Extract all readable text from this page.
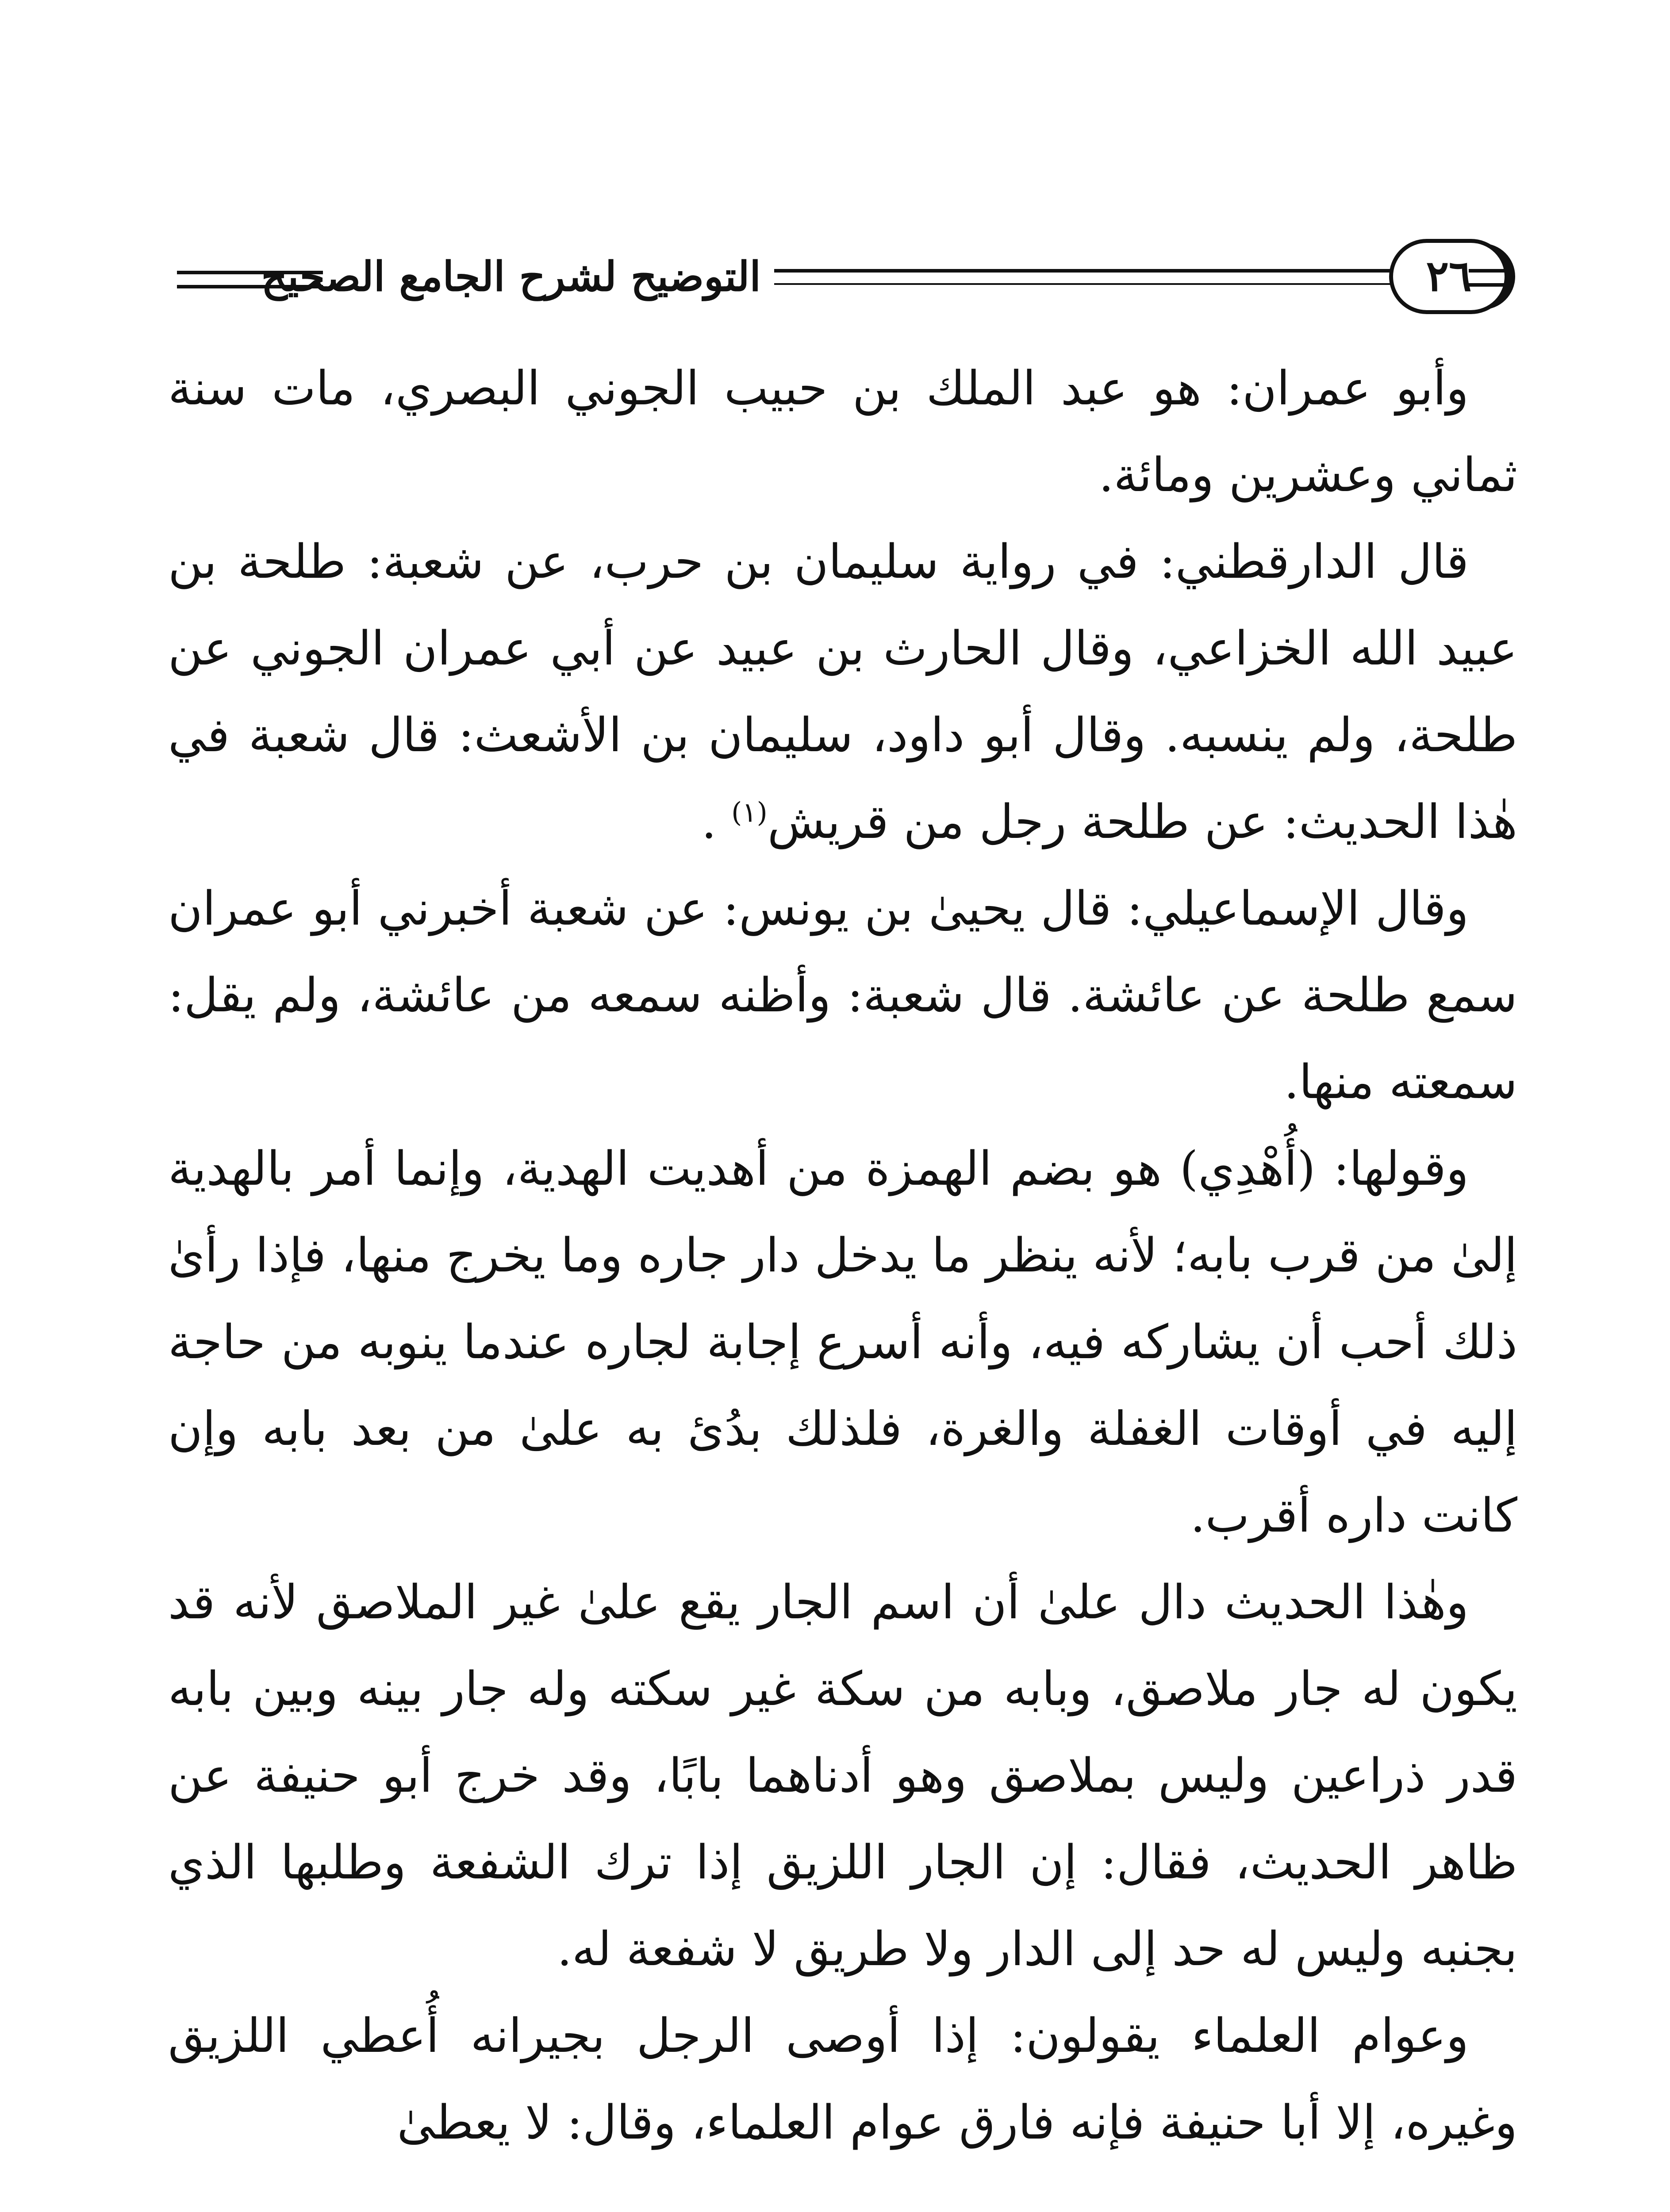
التوضيح لشرح الجامع الصحيح	٢٦

وأبو عمران: هو عبد الملك بن حبيب الجوني البصري، مات سنة ثماني وعشرين ومائة.

قال الدارقطني: في رواية سليمان بن حرب، عن شعبة: طلحة بن عبيد الله الخزاعي، وقال الحارث بن عبيد عن أبي عمران الجوني عن طلحة، ولم ينسبه. وقال أبو داود، سليمان بن الأشعث: قال شعبة في هٰذا الحديث: عن طلحة رجل من قريش$^{(١)}$ .

وقال الإسماعيلي: قال يحيىٰ بن يونس: عن شعبة أخبرني أبو عمران سمع طلحة عن عائشة. قال شعبة: وأظنه سمعه من عائشة، ولم يقل: سمعته منها.

وقولها: (أُهْدِي) هو بضم الهمزة من أهديت الهدية، وإنما أمر بالهدية إلىٰ من قرب بابه؛ لأنه ينظر ما يدخل دار جاره وما يخرج منها، فإذا رأىٰ ذلك أحب أن يشاركه فيه، وأنه أسرع إجابة لجاره عندما ينوبه من حاجة إليه في أوقات الغفلة والغرة، فلذلك بدُئ به علىٰ من بعد بابه وإن كانت داره أقرب.

وهٰذا الحديث دال علىٰ أن اسم الجار يقع علىٰ غير الملاصق لأنه قد يكون له جار ملاصق، وبابه من سكة غير سكته وله جار بينه وبين بابه قدر ذراعين وليس بملاصق وهو أدناهما بابًا، وقد خرج أبو حنيفة عن ظاهر الحديث، فقال: إن الجار اللزيق إذا ترك الشفعة وطلبها الذي بجنبه وليس له حد إلى الدار ولا طريق لا شفعة له.

وعوام العلماء يقولون: إذا أوصى الرجل بجيرانه أُعطي اللزيق وغيره، إلا أبا حنيفة فإنه فارق عوام العلماء، وقال: لا يعطىٰ
